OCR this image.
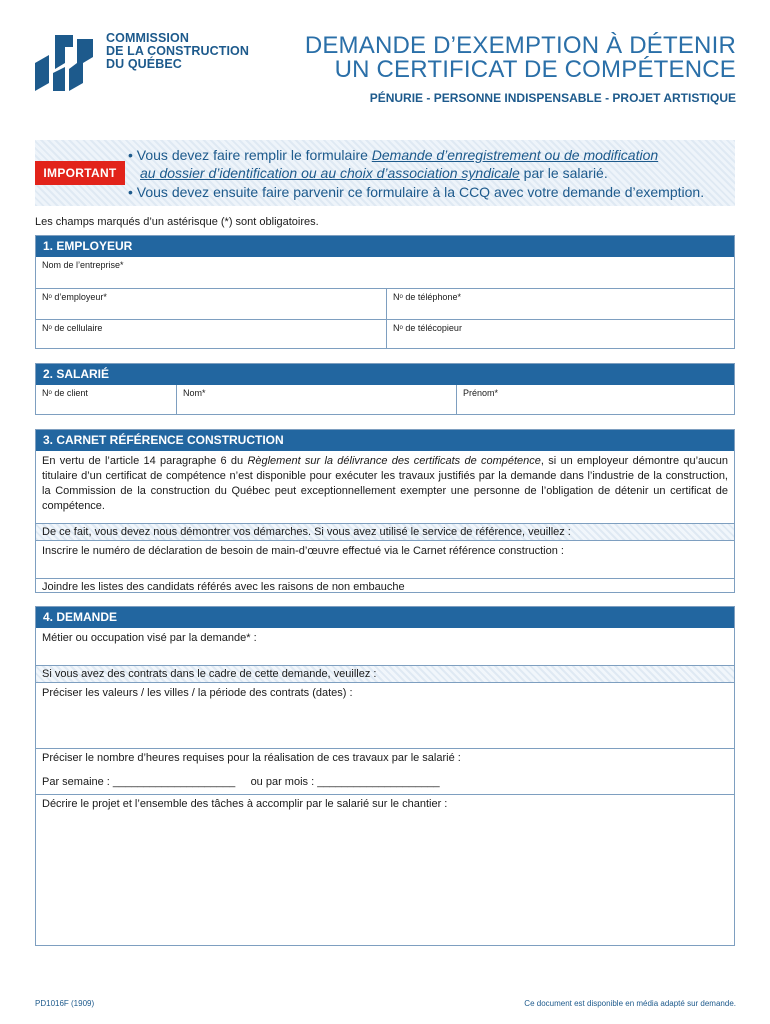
COMMISSION
DE LA CONSTRUCTION
DU QUÉBEC
DEMANDE D’EXEMPTION À DÉTENIR
UN CERTIFICAT DE COMPÉTENCE
PÉNURIE - PERSONNE INDISPENSABLE - PROJET ARTISTIQUE
IMPORTANT
• Vous devez faire remplir le formulaire Demande d’enregistrement ou de modification
au dossier d’identification ou au choix d’association syndicale par le salarié.
• Vous devez ensuite faire parvenir ce formulaire à la CCQ avec votre demande d’exemption.
Les champs marqués d’un astérisque (*) sont obligatoires.
1. EMPLOYEUR
Nom de l’entreprise*
Nᵒ d’employeur*	Nᵒ de téléphone*
Nᵒ de cellulaire	Nᵒ de télécopieur
2. SALARIÉ
Nᵒ de client	Nom*	Prénom*
3. CARNET RÉFÉRENCE CONSTRUCTION
En vertu de l’article 14 paragraphe 6 du Règlement sur la délivrance des certificats de compétence, si un employeur démontre qu’aucun titulaire d’un certificat de compétence n’est disponible pour exécuter les travaux justifiés par la demande dans l’industrie de la construction, la Commission de la construction du Québec peut exceptionnellement exempter une personne de l’obligation de détenir un certificat de compétence.
De ce fait, vous devez nous démontrer vos démarches. Si vous avez utilisé le service de référence, veuillez :
Inscrire le numéro de déclaration de besoin de main-d’œuvre effectué via le Carnet référence construction :
Joindre les listes des candidats référés avec les raisons de non embauche
4. DEMANDE
Métier ou occupation visé par la demande* :
Si vous avez des contrats dans le cadre de cette demande, veuillez :
Préciser les valeurs / les villes / la période des contrats (dates) :
Préciser le nombre d’heures requises pour la réalisation de ces travaux par le salarié :
Par semaine : ____________________ ou par mois : ____________________
Décrire le projet et l’ensemble des tâches à accomplir par le salarié sur le chantier :
PD1016F (1909)	Ce document est disponible en média adapté sur demande.
